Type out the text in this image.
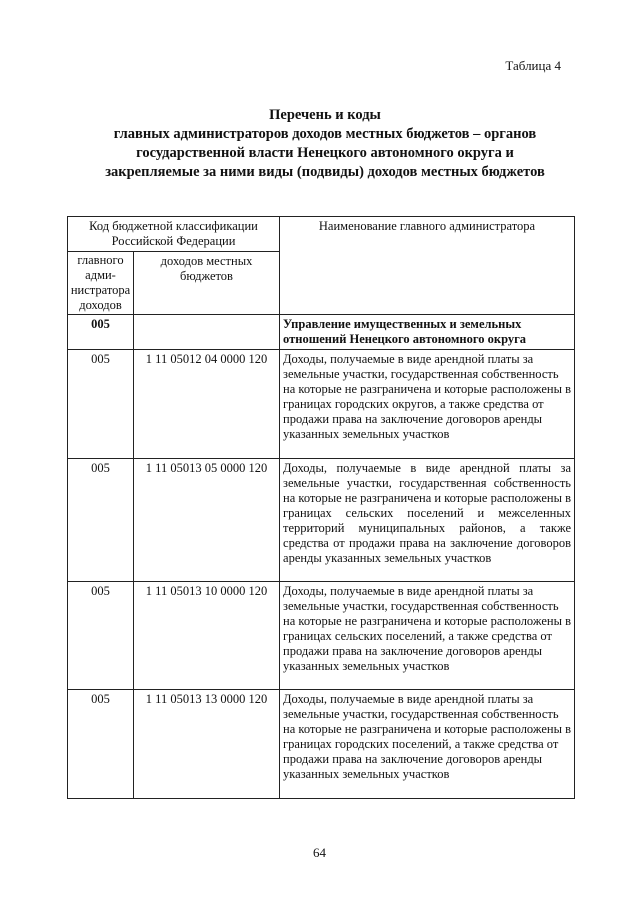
Таблица 4
Перечень и коды
главных администраторов доходов местных бюджетов – органов
государственной власти Ненецкого автономного округа и
закрепляемые за ними виды (подвиды) доходов местных бюджетов
Код бюджетной классификации Российской Федерации		Наименование главного администратора
главного адми-нистратора доходов	доходов местных бюджетов	
005		Управление имущественных и земельных отношений Ненецкого автономного округа
005	1 11 05012 04 0000 120	Доходы, получаемые в виде арендной платы за земельные участки, государственная собственность на которые не разграничена и которые расположены в границах городских округов, а также средства от продажи права на заключение договоров аренды указанных земельных участков
005	1 11 05013 05 0000 120	Доходы, получаемые в виде арендной платы за земельные участки, государственная собственность на которые не разграничена и которые расположены в границах сельских поселений и межселенных территорий муниципальных районов, а также средства от продажи права на заключение договоров аренды указанных земельных участков
005	1 11 05013 10 0000 120	Доходы, получаемые в виде арендной платы за земельные участки, государственная собственность на которые не разграничена и которые расположены в границах сельских поселений, а также средства от продажи права на заключение договоров аренды указанных земельных участков
005	1 11 05013 13 0000 120	Доходы, получаемые в виде арендной платы за земельные участки, государственная собственность на которые не разграничена и которые расположены в границах городских поселений, а также средства от продажи права на заключение договоров аренды указанных земельных участков
64
